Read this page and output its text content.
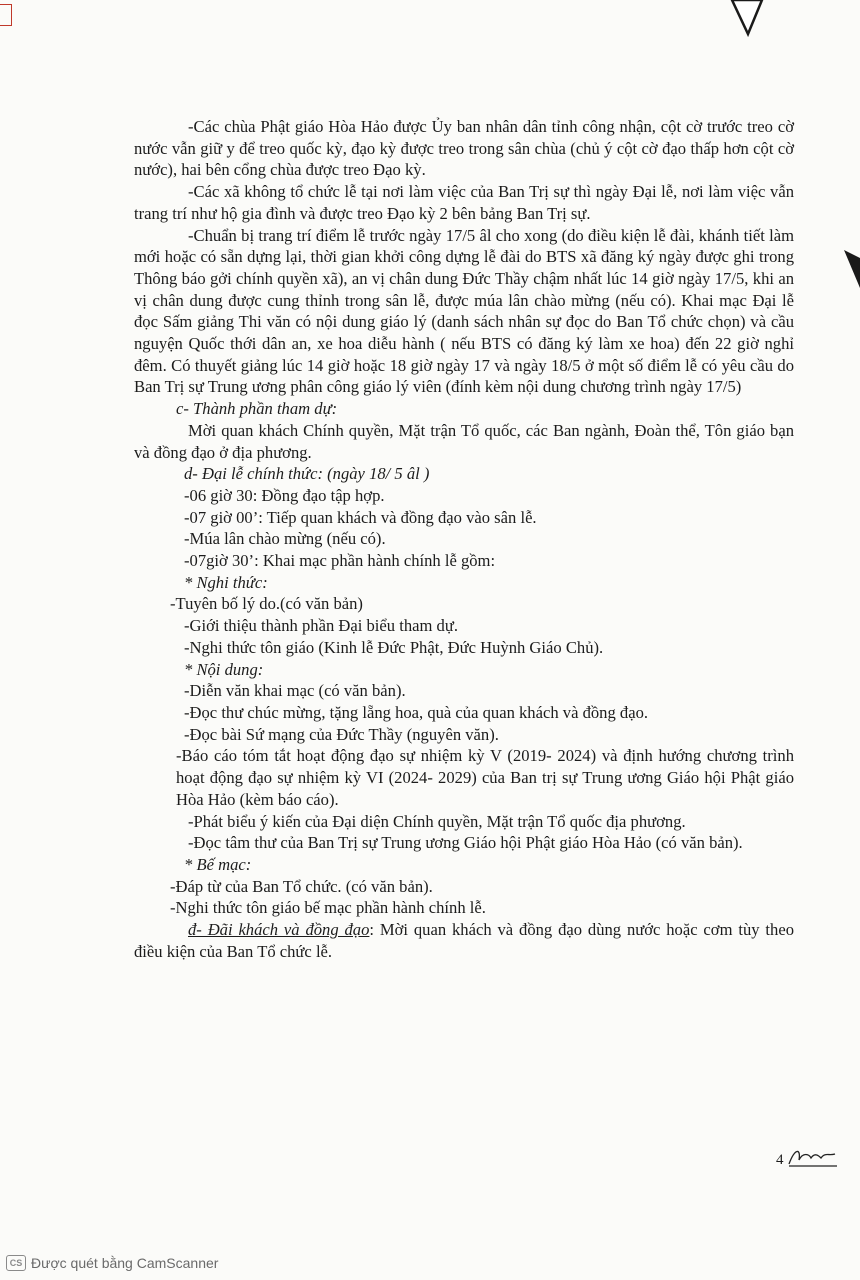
-Các chùa Phật giáo Hòa Hảo được Ủy ban nhân dân tỉnh công nhận, cột cờ trước treo cờ nước vẫn giữ y để treo quốc kỳ, đạo kỳ được treo trong sân chùa (chủ ý cột cờ đạo thấp hơn cột cờ nước), hai bên cổng chùa được treo Đạo kỳ.

-Các xã không tổ chức lễ tại nơi làm việc của Ban Trị sự thì ngày Đại lễ, nơi làm việc vẫn trang trí như hộ gia đình và được treo Đạo kỳ 2 bên bảng Ban Trị sự.

-Chuẩn bị trang trí điểm lễ trước ngày 17/5 âl cho xong (do điều kiện lễ đài, khánh tiết làm mới hoặc có sẵn dựng lại, thời gian khởi công dựng lễ đài do BTS xã đăng ký ngày được ghi trong Thông báo gởi chính quyền xã), an vị chân dung Đức Thầy chậm nhất lúc 14 giờ ngày 17/5, khi an vị chân dung được cung thỉnh trong sân lễ, được múa lân chào mừng (nếu có). Khai mạc Đại lễ đọc Sấm giảng Thi văn có nội dung giáo lý (danh sách nhân sự đọc do Ban Tổ chức chọn) và cầu nguyện Quốc thới dân an, xe hoa diễu hành ( nếu BTS có đăng ký làm xe hoa) đến 22 giờ nghỉ đêm. Có thuyết giảng lúc 14 giờ hoặc 18 giờ ngày 17 và ngày 18/5 ở một số điểm lễ có yêu cầu do Ban Trị sự Trung ương phân công giáo lý viên (đính kèm nội dung chương trình ngày 17/5)

c- Thành phần tham dự:

Mời quan khách Chính quyền, Mặt trận Tổ quốc, các Ban ngành, Đoàn thể, Tôn giáo bạn và đồng đạo ở địa phương.

d- Đại lễ chính thức: (ngày 18/ 5 âl )

-06 giờ 30: Đồng đạo tập hợp.

-07 giờ 00’: Tiếp quan khách và đồng đạo vào sân lễ.

-Múa lân chào mừng (nếu có).

-07giờ 30’: Khai mạc phần hành chính lễ gồm:

* Nghi thức:

-Tuyên bố lý do.(có văn bản)

-Giới thiệu thành phần Đại biểu tham dự.

-Nghi thức tôn giáo (Kinh lễ Đức Phật, Đức Huỳnh Giáo Chủ).

* Nội dung:

-Diễn văn khai mạc (có văn bản).

-Đọc thư chúc mừng, tặng lẵng hoa, quà của quan khách và đồng đạo.

-Đọc bài Sứ mạng của Đức Thầy (nguyên văn).

-Báo cáo tóm tắt hoạt động đạo sự nhiệm kỳ V (2019- 2024) và định hướng chương trình hoạt động đạo sự nhiệm kỳ VI (2024- 2029) của Ban trị sự Trung ương Giáo hội Phật giáo Hòa Hảo (kèm báo cáo).

-Phát biểu ý kiến của Đại diện Chính quyền, Mặt trận Tổ quốc địa phương.

-Đọc tâm thư của Ban Trị sự Trung ương Giáo hội Phật giáo Hòa Hảo (có văn bản).

* Bế mạc:

-Đáp từ của Ban Tổ chức. (có văn bản).

-Nghi thức tôn giáo bế mạc phần hành chính lễ.

đ- Đãi khách và đồng đạo: Mời quan khách và đồng đạo dùng nước hoặc cơm tùy theo điều kiện của Ban Tổ chức lễ.

4
CS Được quét bằng CamScanner
